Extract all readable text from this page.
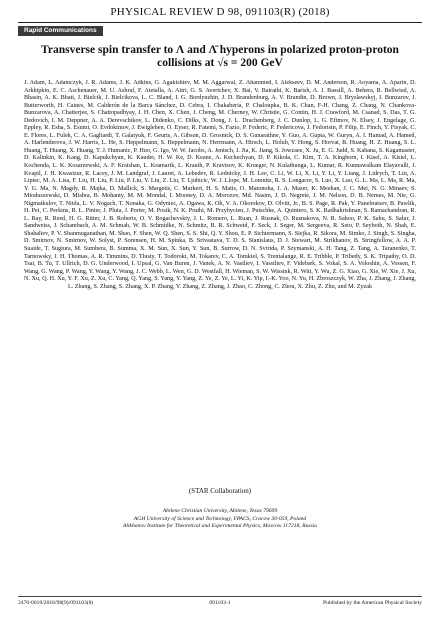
PHYSICAL REVIEW D 98, 091103(R) (2018)
Rapid Communications
Transverse spin transfer to Λ and Λ̄ hyperons in polarized proton-proton
collisions at √s = 200 GeV

J. Adam, L. Adamczyk, J. R. Adams, J. K. Adkins, G. Agakishiev, M. M. Aggarwal, Z. Ahammed, I. Alekseev, D. M. Anderson, R. Aoyama, A. Aparin, D. Arkhipkin, E. C. Aschenauer, M. U. Ashraf, F. Atetalla, A. Attri, G. S. Averichev, X. Bai, V. Bairathi, K. Barish, A. J. Bassill, A. Behera, R. Bellwied, A. Bhasin, A. K. Bhati, J. Bielcik, J. Bielcikova, L. C. Bland, I. G. Bordyuzhin, J. D. Brandenburg, A. V. Brandin, D. Brown, J. Bryslawskyj, I. Bunzarov, J. Butterworth, H. Caines, M. Calderón de la Barca Sánchez, D. Cebra, I. Chakaberia, P. Chaloupka, B. K. Chan, F-H. Chang, Z. Chang, N. Chankova-Bunzarova, A. Chatterjee, S. Chattopadhyay, J. H. Chen, X. Chen, J. Cheng, M. Cherney, W. Christie, G. Contin, H. J. Crawford, M. Csanad, S. Das, T. G. Dedovich, I. M. Deppner, A. A. Derevschikov, L. Didenko, C. Dilks, X. Dong, J. L. Drachenberg, J. C. Dunlop, L. G. Efimov, N. Elsey, J. Engelage, G. Eppley, R. Esha, S. Esumi, O. Evdokimov, J. Ewigleben, O. Eyser, R. Fatemi, S. Fazio, P. Federic, P. Federicova, J. Fedorisin, P. Filip, E. Finch, Y. Fisyak, C. E. Flores, L. Fulek, C. A. Gagliardi, T. Galatyuk, F. Geurts, A. Gibson, D. Grosnick, D. S. Gunarathne, Y. Guo, A. Gupta, W. Guryn, A. I. Hamad, A. Hamed, A. Harlenderova, J. W. Harris, L. He, S. Heppelmann, S. Heppelmann, N. Herrmann, A. Hirsch, L. Holub, Y. Hong, S. Horvat, B. Huang, H. Z. Huang, S. L. Huang, T. Huang, X. Huang, T. J. Humanic, P. Huo, G. Igo, W. W. Jacobs, A. Jentsch, J. Jia, K. Jiang, S. Jowzaee, X. Ju, E. G. Judd, S. Kabana, S. Kagamaster, D. Kalinkin, K. Kang, D. Kapukchyan, K. Kauder, H. W. Ke, D. Keane, A. Kechechyan, D. P. Kikoła, C. Kim, T. A. Kinghorn, I. Kisel, A. Kisiel, L. Kochenda, L. K. Kosarzewski, A. F. Kraishan, L. Kramarik, L. Krauth, P. Kravtsov, K. Krueger, N. Kulathunga, L. Kumar, R. Kunnawalkam Elayavalli, J. Kvapil, J. H. Kwasizur, R. Lacey, J. M. Landgraf, J. Lauret, A. Lebedev, R. Lednicky, J. H. Lee, C. Li, W. Li, X. Li, Y. Li, Y. Liang, J. Lidrych, T. Lin, A. Lipiec, M. A. Lisa, F. Liu, H. Liu, P. Liu, P. Liu, Y. Liu, Z. Liu, T. Ljubicic, W. J. Llope, M. Lomnitz, R. S. Longacre, S. Luo, X. Luo, G. L. Ma, L. Ma, R. Ma, Y. G. Ma, N. Magdy, R. Majka, D. Mallick, S. Margetis, C. Markert, H. S. Matis, O. Matonoha, J. A. Mazer, K. Meehan, J. C. Mei, N. G. Minaev, S. Mioduszewski, D. Mishra, B. Mohanty, M. M. Mondal, I. Mooney, D. A. Morozov, Md. Nasim, J. D. Negrete, J. M. Nelson, D. B. Nemes, M. Nie, G. Nigmatkulov, T. Niida, L. V. Nogach, T. Nonaka, G. Odyniec, A. Ogawa, K. Oh, V. A. Okorokov, D. Olvitt, Jr., B. S. Page, R. Pak, Y. Panebratsev, B. Pawlik, H. Pei, C. Perkins, R. L. Pinter, J. Pluta, J. Porter, M. Posik, N. K. Pruthi, M. Przybycien, J. Putschke, A. Quintero, S. K. Radhakrishnan, S. Ramachandran, R. L. Ray, R. Reed, H. G. Ritter, J. B. Roberts, O. V. Rogachevskiy, J. L. Romero, L. Ruan, J. Rusnak, O. Rusnakova, N. R. Sahoo, P. K. Sahu, S. Salur, J. Sandweiss, J. Schambach, A. M. Schmah, W. B. Schmidke, N. Schmitz, B. R. Schweid, F. Seck, J. Seger, M. Sergeeva, R. Seto, P. Seyboth, N. Shah, E. Shahaliev, P. V. Shanmuganathan, M. Shao, F. Shen, W. Q. Shen, S. S. Shi, Q. Y. Shou, E. P. Sichtermann, S. Siejka, R. Sikora, M. Simko, J. Singh, S. Singha, D. Smirnov, N. Smirnov, W. Solyst, P. Sorensen, H. M. Spinka, B. Srivastava, T. D. S. Stanislaus, D. J. Stewart, M. Strikhanov, B. Stringfellow, A. A. P. Suaide, T. Sugiura, M. Sumbera, B. Summa, X. M. Sun, X. Sun, Y. Sun, B. Surrow, D. N. Svirida, P. Szymanski, A. H. Tang, Z. Tang, A. Taranenko, T. Tarnowsky, J. H. Thomas, A. R. Timmins, D. Tlusty, T. Todoroki, M. Tokarev, C. A. Tomkiel, S. Trentalange, R. E. Tribble, P. Tribedy, S. K. Tripathy, O. D. Tsai, B. Tu, T. Ullrich, D. G. Underwood, I. Upsal, G. Van Buren, J. Vanek, A. N. Vasiliev, I. Vassiliev, F. Videbæk, S. Vokal, S. A. Voloshin, A. Vossen, F. Wang, G. Wang, P. Wang, Y. Wang, Y. Wang, J. C. Webb, L. Wen, G. D. Westfall, H. Wieman, S. W. Wissink, R. Witt, Y. Wu, Z. G. Xiao, G. Xie, W. Xie, J. Xu, N. Xu, Q. H. Xu, Y. F. Xu, Z. Xu, C. Yang, Q. Yang, S. Yang, Y. Yang, Z. Ye, Z. Ye, L. Yi, K. Yip, I.-K. Yoo, N. Yu, H. Zbroszczyk, W. Zha, J. Zhang, J. Zhang, L. Zhang, S. Zhang, S. Zhang, X. P. Zhang, Y. Zhang, Z. Zhang, J. Zhao, C. Zhong, C. Zhou, X. Zhu, Z. Zhu, and M. Zyzak

(STAR Collaboration)
Abilene Christian University, Abilene, Texas 79699
AGH University of Science and Technology, FPACS, Cracow 30-059, Poland
Alikhanov Institute for Theoretical and Experimental Physics, Moscow 117218, Russia
2470-0010/2018/98(9)/091103(8)	091103-1	Published by the American Physical Society
